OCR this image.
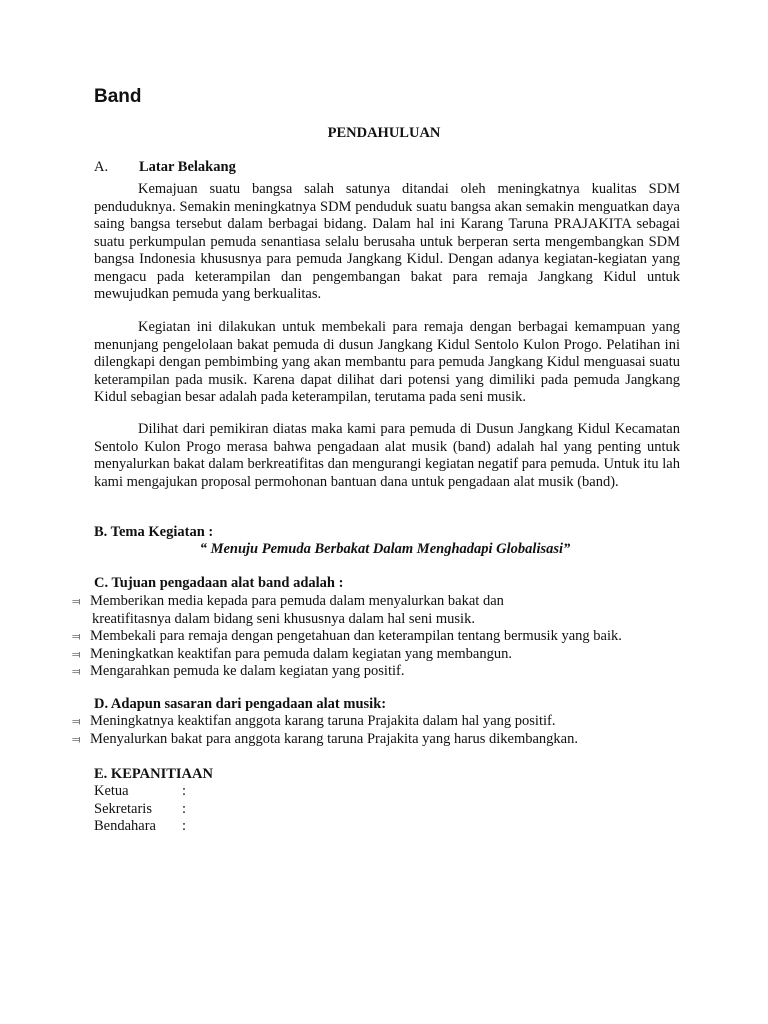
Band
PENDAHULUAN
A. Latar Belakang

Kemajuan suatu bangsa salah satunya ditandai oleh meningkatnya kualitas SDM penduduknya. Semakin meningkatnya SDM penduduk suatu bangsa akan semakin menguatkan daya saing bangsa tersebut dalam berbagai bidang. Dalam hal ini Karang Taruna PRAJAKITA sebagai suatu perkumpulan pemuda senantiasa selalu berusaha untuk berperan serta mengembangkan SDM bangsa Indonesia khususnya para pemuda Jangkang Kidul. Dengan adanya kegiatan-kegiatan yang mengacu pada keterampilan dan pengembangan bakat para remaja Jangkang Kidul untuk mewujudkan pemuda yang berkualitas.

Kegiatan ini dilakukan untuk membekali para remaja dengan berbagai kemampuan yang menunjang pengelolaan bakat pemuda di dusun Jangkang Kidul Sentolo Kulon Progo. Pelatihan ini dilengkapi dengan pembimbing yang akan membantu para pemuda Jangkang Kidul menguasai suatu keterampilan pada musik. Karena dapat dilihat dari potensi yang dimiliki pada pemuda Jangkang Kidul sebagian besar adalah pada keterampilan, terutama pada seni musik.

Dilihat dari pemikiran diatas maka kami para pemuda di Dusun Jangkang Kidul Kecamatan Sentolo Kulon Progo merasa bahwa pengadaan alat musik (band) adalah hal yang penting untuk menyalurkan bakat dalam berkreatifitas dan mengurangi kegiatan negatif para pemuda. Untuk itu lah kami mengajukan proposal permohonan bantuan dana untuk pengadaan alat musik (band).

B. Tema Kegiatan :
“ Menuju Pemuda Berbakat Dalam Menghadapi Globalisasi”
C. Tujuan pengadaan alat band adalah :
⫤ Memberikan media kepada para pemuda dalam menyalurkan bakat dan
kreatifitasnya dalam bidang seni khususnya dalam hal seni musik.
⫤ Membekali para remaja dengan pengetahuan dan keterampilan tentang bermusik yang baik.
⫤ Meningkatkan keaktifan para pemuda dalam kegiatan yang membangun.
⫤ Mengarahkan pemuda ke dalam kegiatan yang positif.
D. Adapun sasaran dari pengadaan alat musik:
⫤ Meningkatnya keaktifan anggota karang taruna Prajakita dalam hal yang positif.
⫤ Menyalurkan bakat para anggota karang taruna Prajakita yang harus dikembangkan.
E. KEPANITIAAN
Ketua	:
Sekretaris :
Bendahara :
